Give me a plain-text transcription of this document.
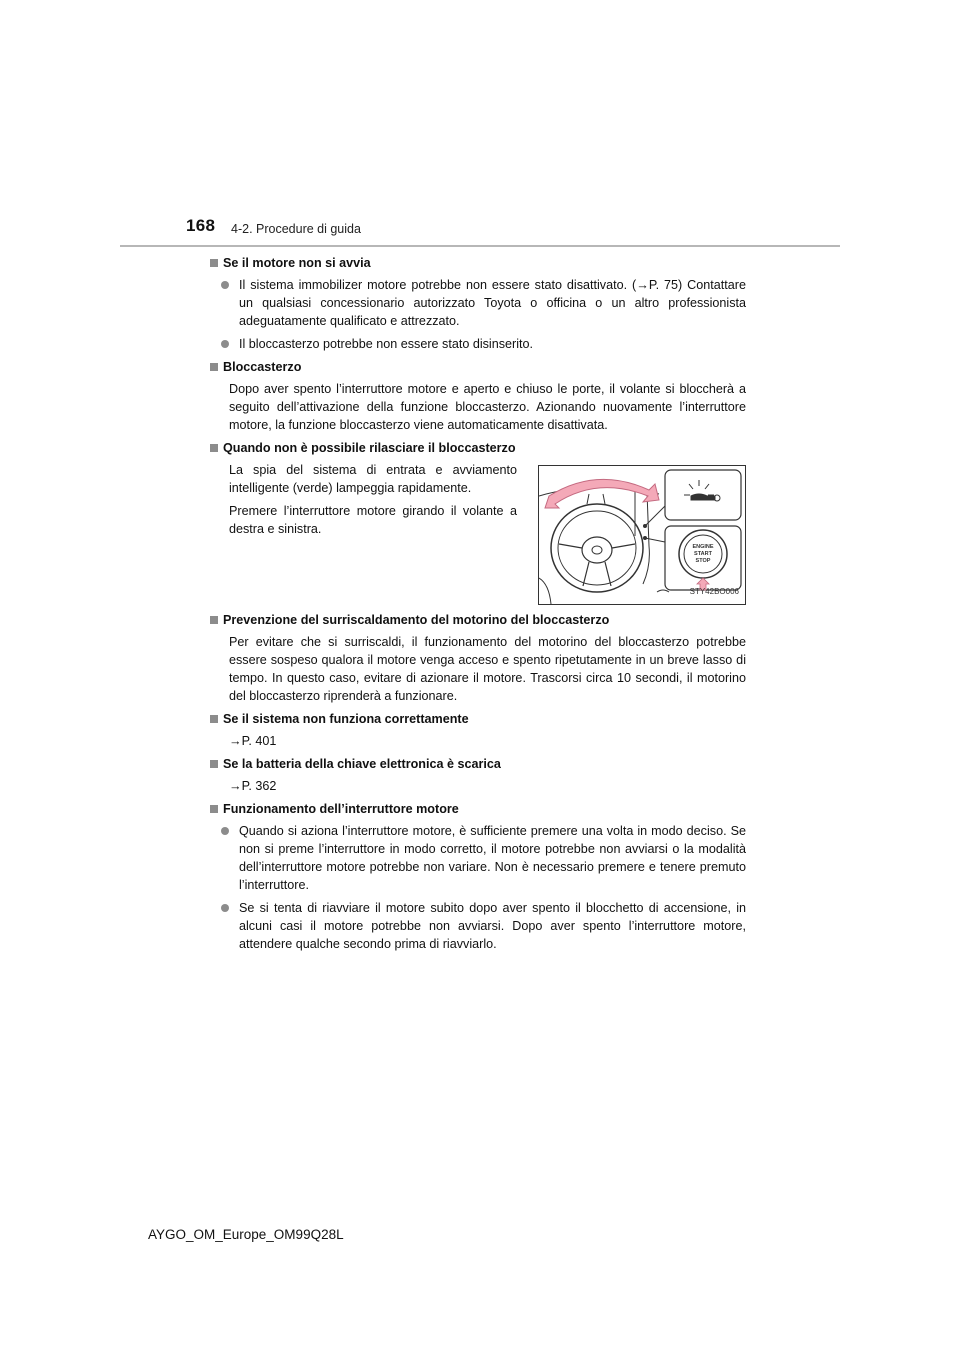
168 4-2. Procedure di guida
Se il motore non si avvia
Il sistema immobilizer motore potrebbe non essere stato disattivato. (→P. 75) Contattare un qualsiasi concessionario autorizzato Toyota o officina o un altro professionista adeguatamente qualificato e attrezzato.
Il bloccasterzo potrebbe non essere stato disinserito.
Bloccasterzo

Dopo aver spento l’interruttore motore e aperto e chiuso le porte, il volante si bloccherà a seguito dell’attivazione della funzione bloccasterzo. Azionando nuovamente l’interruttore motore, la funzione bloccasterzo viene automaticamente disattivata.

Quando non è possibile rilasciare il bloccasterzo

La spia del sistema di entrata e avviamento intelligente (verde) lampeggia rapidamente.

Premere l’interruttore motore girando il volante a destra e sinistra.

ENGINE
START
STOP
STY42BO006
Prevenzione del surriscaldamento del motorino del bloccasterzo

Per evitare che si surriscaldi, il funzionamento del motorino del bloccasterzo potrebbe essere sospeso qualora il motore venga acceso e spento ripetutamente in un breve lasso di tempo. In questo caso, evitare di azionare il motore. Trascorsi circa 10 secondi, il motorino del bloccasterzo riprenderà a funzionare.

Se il sistema non funziona correttamente

→P. 401

Se la batteria della chiave elettronica è scarica

→P. 362

Funzionamento dell’interruttore motore
Quando si aziona l’interruttore motore, è sufficiente premere una volta in modo deciso. Se non si preme l’interruttore in modo corretto, il motore potrebbe non avviarsi o la modalità dell’interruttore motore potrebbe non variare. Non è necessario premere e tenere premuto l’interruttore.
Se si tenta di riavviare il motore subito dopo aver spento il blocchetto di accensione, in alcuni casi il motore potrebbe non avviarsi. Dopo aver spento l’interruttore motore, attendere qualche secondo prima di riavviarlo.
AYGO_OM_Europe_OM99Q28L
